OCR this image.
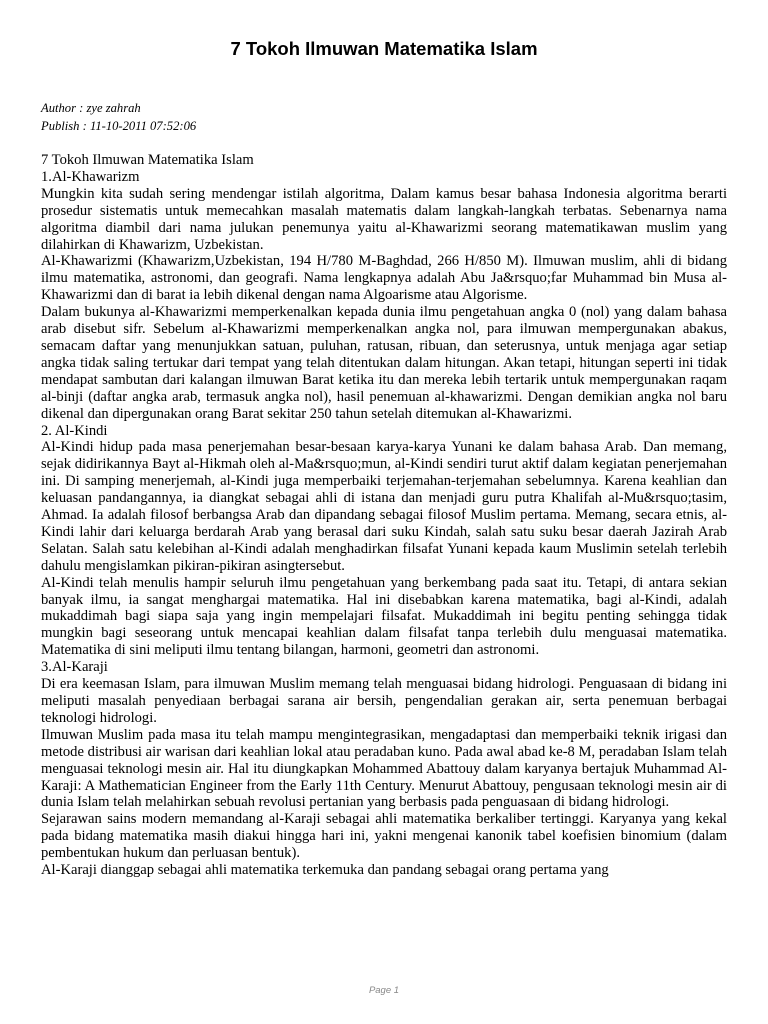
7 Tokoh Ilmuwan Matematika Islam
Author : zye zahrah
Publish : 11-10-2011 07:52:06

7 Tokoh Ilmuwan Matematika Islam

1.Al-Khawarizm

Mungkin kita sudah sering mendengar istilah algoritma, Dalam kamus besar bahasa Indonesia algoritma berarti prosedur sistematis untuk memecahkan masalah matematis dalam langkah-langkah terbatas. Sebenarnya nama algoritma diambil dari nama julukan penemunya yaitu al-Khawarizmi seorang matematikawan muslim yang dilahirkan di Khawarizm, Uzbekistan.

Al-Khawarizmi (Khawarizm,Uzbekistan, 194 H/780 M-Baghdad, 266 H/850 M). Ilmuwan muslim, ahli di bidang ilmu matematika, astronomi, dan geografi. Nama lengkapnya adalah Abu Ja&rsquo;far Muhammad bin Musa al-Khawarizmi dan di barat ia lebih dikenal dengan nama Algoarisme atau Algorisme.

Dalam bukunya al-Khawarizmi memperkenalkan kepada dunia ilmu pengetahuan angka 0 (nol) yang dalam bahasa arab disebut sifr. Sebelum al-Khawarizmi memperkenalkan angka nol, para ilmuwan mempergunakan abakus, semacam daftar yang menunjukkan satuan, puluhan, ratusan, ribuan, dan seterusnya, untuk menjaga agar setiap angka tidak saling tertukar dari tempat yang telah ditentukan dalam hitungan. Akan tetapi, hitungan seperti ini tidak mendapat sambutan dari kalangan ilmuwan Barat ketika itu dan mereka lebih tertarik untuk mempergunakan raqam al-binji (daftar angka arab, termasuk angka nol), hasil penemuan al-khawarizmi. Dengan demikian angka nol baru dikenal dan dipergunakan orang Barat sekitar 250 tahun setelah ditemukan al-Khawarizmi.

2. Al-Kindi

Al-Kindi hidup pada masa penerjemahan besar-besaan karya-karya Yunani ke dalam bahasa Arab. Dan memang, sejak didirikannya Bayt al-Hikmah oleh al-Ma&rsquo;mun, al-Kindi sendiri turut aktif dalam kegiatan penerjemahan ini. Di samping menerjemah, al-Kindi juga memperbaiki terjemahan-terjemahan sebelumnya. Karena keahlian dan keluasan pandangannya, ia diangkat sebagai ahli di istana dan menjadi guru putra Khalifah al-Mu&rsquo;tasim, Ahmad. Ia adalah filosof berbangsa Arab dan dipandang sebagai filosof Muslim pertama. Memang, secara etnis, al-Kindi lahir dari keluarga berdarah Arab yang berasal dari suku Kindah, salah satu suku besar daerah Jazirah Arab Selatan. Salah satu kelebihan al-Kindi adalah menghadirkan filsafat Yunani kepada kaum Muslimin setelah terlebih dahulu mengislamkan pikiran-pikiran asingtersebut.

Al-Kindi telah menulis hampir seluruh ilmu pengetahuan yang berkembang pada saat itu. Tetapi, di antara sekian banyak ilmu, ia sangat menghargai matematika. Hal ini disebabkan karena matematika, bagi al-Kindi, adalah mukaddimah bagi siapa saja yang ingin mempelajari filsafat. Mukaddimah ini begitu penting sehingga tidak mungkin bagi seseorang untuk mencapai keahlian dalam filsafat tanpa terlebih dulu menguasai matematika. Matematika di sini meliputi ilmu tentang bilangan, harmoni, geometri dan astronomi.

3.Al-Karaji

Di era keemasan Islam, para ilmuwan Muslim memang telah menguasai bidang hidrologi. Penguasaan di bidang ini meliputi masalah penyediaan berbagai sarana air bersih, pengendalian gerakan air, serta penemuan berbagai teknologi hidrologi.

Ilmuwan Muslim pada masa itu telah mampu mengintegrasikan, mengadaptasi dan memperbaiki teknik irigasi dan metode distribusi air warisan dari keahlian lokal atau peradaban kuno. Pada awal abad ke-8 M, peradaban Islam telah menguasai teknologi mesin air. Hal itu diungkapkan Mohammed Abattouy dalam karyanya bertajuk Muhammad Al-Karaji: A Mathematician Engineer from the Early 11th Century. Menurut Abattouy, pengusaan teknologi mesin air di dunia Islam telah melahirkan sebuah revolusi pertanian yang berbasis pada penguasaan di bidang hidrologi.

Sejarawan sains modern memandang al-Karaji sebagai ahli matematika berkaliber tertinggi. Karyanya yang kekal pada bidang matematika masih diakui hingga hari ini, yakni mengenai kanonik tabel koefisien binomium (dalam pembentukan hukum dan perluasan bentuk).

Al-Karaji dianggap sebagai ahli matematika terkemuka dan pandang sebagai orang pertama yang

Page 1
